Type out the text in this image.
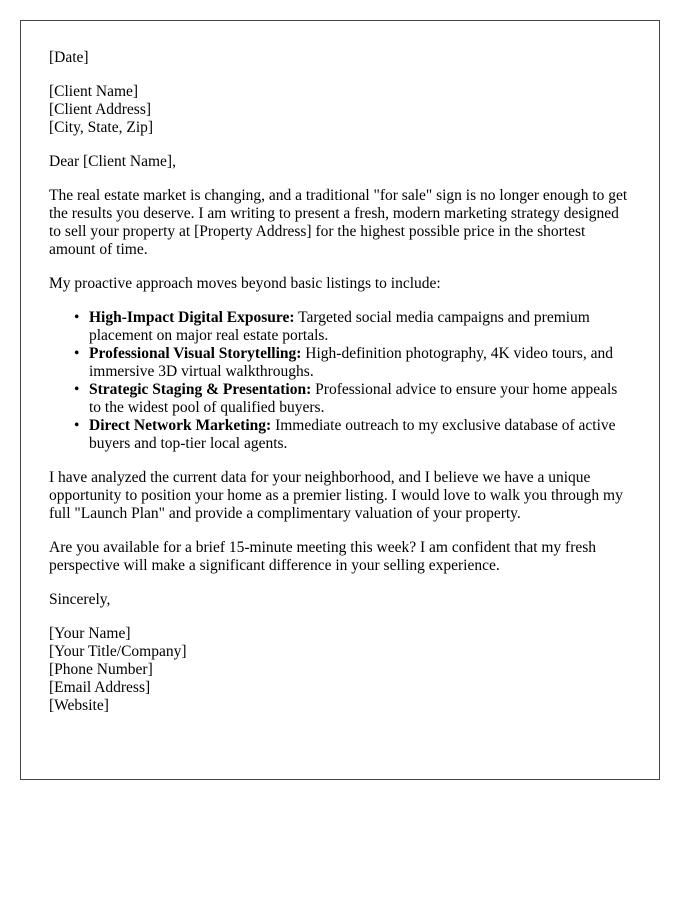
[Date]
[Client Name]
[Client Address]
[City, State, Zip]

Dear [Client Name],

The real estate market is changing, and a traditional "for sale" sign is no longer enough to get the results you deserve. I am writing to present a fresh, modern marketing strategy designed to sell your property at [Property Address] for the highest possible price in the shortest amount of time.

My proactive approach moves beyond basic listings to include:

• High-Impact Digital Exposure: Targeted social media campaigns and premium placement on major real estate portals.
• Professional Visual Storytelling: High-definition photography, 4K video tours, and immersive 3D virtual walkthroughs.
• Strategic Staging & Presentation: Professional advice to ensure your home appeals to the widest pool of qualified buyers.
• Direct Network Marketing: Immediate outreach to my exclusive database of active buyers and top-tier local agents.

I have analyzed the current data for your neighborhood, and I believe we have a unique opportunity to position your home as a premier listing. I would love to walk you through my full "Launch Plan" and provide a complimentary valuation of your property.

Are you available for a brief 15-minute meeting this week? I am confident that my fresh perspective will make a significant difference in your selling experience.

Sincerely,

[Your Name]
[Your Title/Company]
[Phone Number]
[Email Address]
[Website]
